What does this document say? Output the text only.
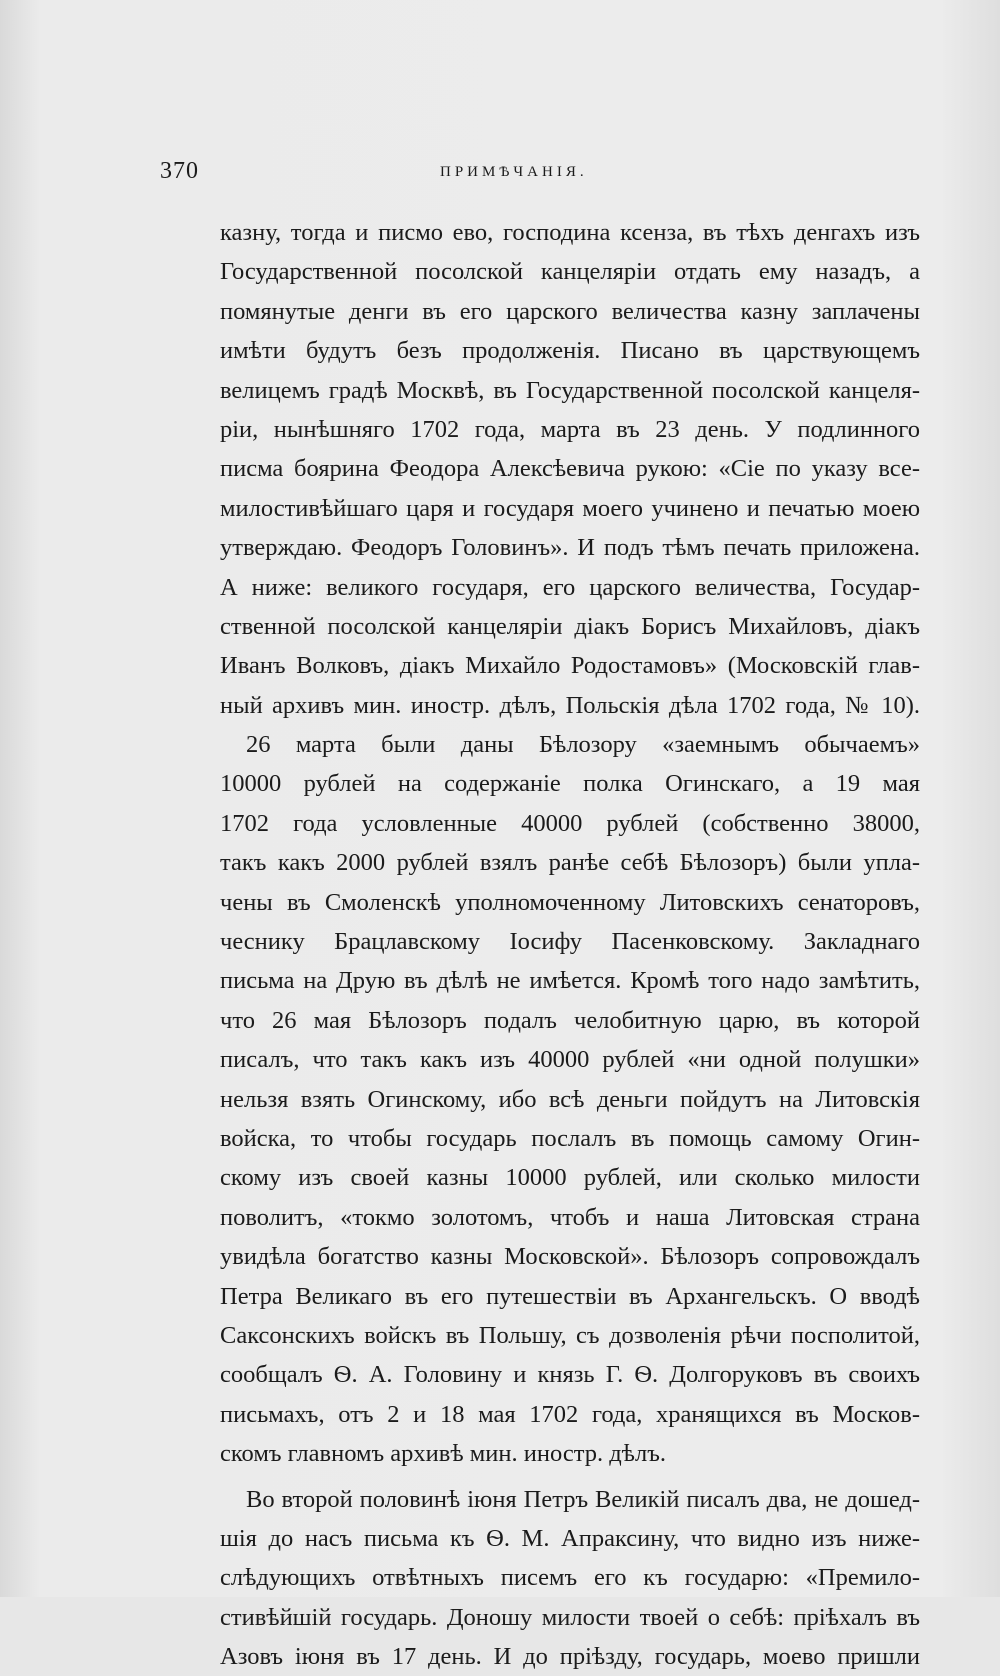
370	ПРИМѢЧАНІЯ.
казну, тогда и писмо ево, господина ксенза, въ тѣхъ денгахъ изъ
Государственной посолской канцеляріи отдать ему назадъ, а
помянутые денги въ его царского величества казну заплачены
имѣти будутъ безъ продолженія. Писано въ царствующемъ
велицемъ градѣ Москвѣ, въ Государственной посолской канцеля-
ріи, нынѣшняго 1702 года, марта въ 23 день. У подлинного
писма боярина Феодора Алексѣевича рукою: «Сіе по указу все-
милостивѣйшаго царя и государя моего учинено и печатью моею
утверждаю. Феодоръ Головинъ». И подъ тѣмъ печать приложена.
А ниже: великого государя, его царского величества, Государ-
ственной посолской канцеляріи діакъ Борисъ Михайловъ, діакъ
Иванъ Волковъ, діакъ Михайло Родостамовъ» (Московскій глав-
ный архивъ мин. иностр. дѣлъ, Польскія дѣла 1702 года, № 10).
26 марта были даны Бѣлозору «заемнымъ обычаемъ»
10000 рублей на содержаніе полка Огинскаго, а 19 мая
1702 года условленные 40000 рублей (собственно 38000,
такъ какъ 2000 рублей взялъ ранѣе себѣ Бѣлозоръ) были упла-
чены въ Смоленскѣ уполномоченному Литовскихъ сенаторовъ,
чеснику Брацлавскому Іосифу Пасенковскому. Закладнаго
письма на Друю въ дѣлѣ не имѣется. Кромѣ того надо замѣтить,
что 26 мая Бѣлозоръ подалъ челобитную царю, въ которой
писалъ, что такъ какъ изъ 40000 рублей «ни одной полушки»
нельзя взять Огинскому, ибо всѣ деньги пойдутъ на Литовскія
войска, то чтобы государь послалъ въ помощь самому Огин-
скому изъ своей казны 10000 рублей, или сколько милости
поволитъ, «токмо золотомъ, чтобъ и наша Литовская страна
увидѣла богатство казны Московской». Бѣлозоръ сопровождалъ
Петра Великаго въ его путешествіи въ Архангельскъ. О вводѣ
Саксонскихъ войскъ въ Польшу, съ дозволенія рѣчи посполитой,
сообщалъ Ѳ. А. Головину и князь Г. Ѳ. Долгоруковъ въ своихъ
письмахъ, отъ 2 и 18 мая 1702 года, хранящихся въ Москов-
скомъ главномъ архивѣ мин. иностр. дѣлъ.
Во второй половинѣ іюня Петръ Великій писалъ два, не дошед-
шія до насъ письма къ Ѳ. М. Апраксину, что видно изъ ниже-
слѣдующихъ отвѣтныхъ писемъ его къ государю: «Премило-
стивѣйшій государь. Доношу милости твоей о себѣ: пріѣхалъ въ
Азовъ іюня въ 17 день. И до пріѣзду, государь, моево пришли
